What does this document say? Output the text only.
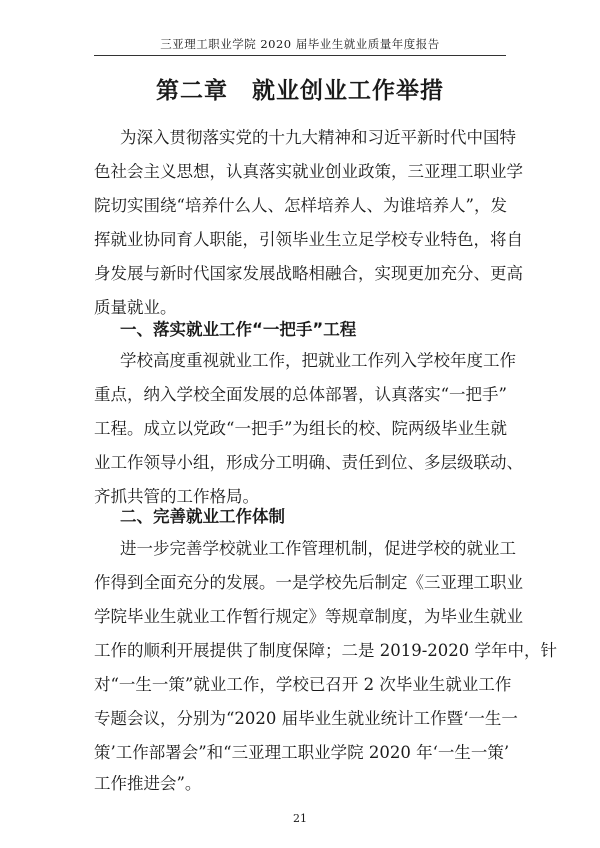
三亚理工职业学院 2020 届毕业生就业质量年度报告
第二章　就业创业工作举措
为深入贯彻落实党的十九大精神和习近平新时代中国特
色社会主义思想，认真落实就业创业政策，三亚理工职业学
院切实围绕“培养什么人、怎样培养人、为谁培养人”，发
挥就业协同育人职能，引领毕业生立足学校专业特色，将自
身发展与新时代国家发展战略相融合，实现更加充分、更高
质量就业。
一、落实就业工作“一把手”工程
学校高度重视就业工作，把就业工作列入学校年度工作
重点，纳入学校全面发展的总体部署，认真落实“一把手”
工程。成立以党政“一把手”为组长的校、院两级毕业生就
业工作领导小组，形成分工明确、责任到位、多层级联动、
齐抓共管的工作格局。
二、完善就业工作体制
进一步完善学校就业工作管理机制，促进学校的就业工
作得到全面充分的发展。一是学校先后制定《三亚理工职业
学院毕业生就业工作暂行规定》等规章制度，为毕业生就业
工作的顺利开展提供了制度保障；二是 2019-2020 学年中，针
对“一生一策”就业工作，学校已召开 2 次毕业生就业工作
专题会议，分别为“2020 届毕业生就业统计工作暨‘一生一
策’工作部署会”和“三亚理工职业学院 2020 年‘一生一策’
工作推进会”。
21
